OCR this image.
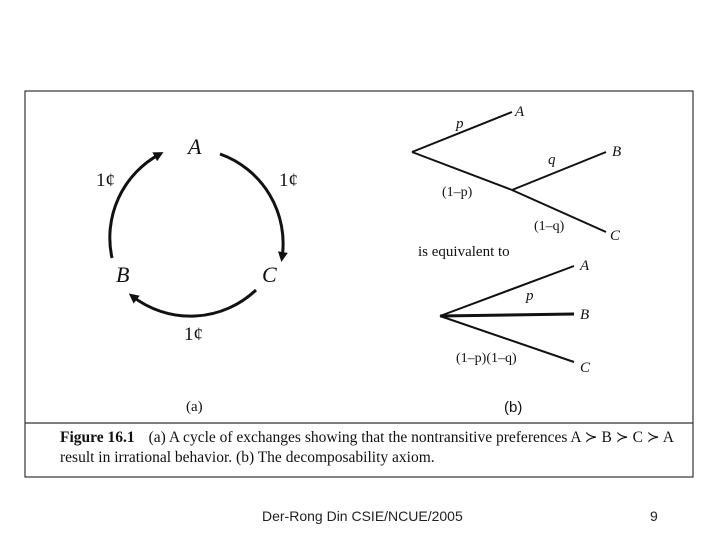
A
B	C
1¢	1¢
1¢
(a)
p
A
q	B
(1–p)
(1–q)
C
is equivalent to
A
p
B
(1–p)(1–q)
C
(b)
Figure 16.1 (a) A cycle of exchanges showing that the nontransitive preferences A ≻ B ≻ C ≻ A result in irrational behavior. (b) The decomposability axiom.
Der-Rong Din CSIE/NCUE/2005	9
